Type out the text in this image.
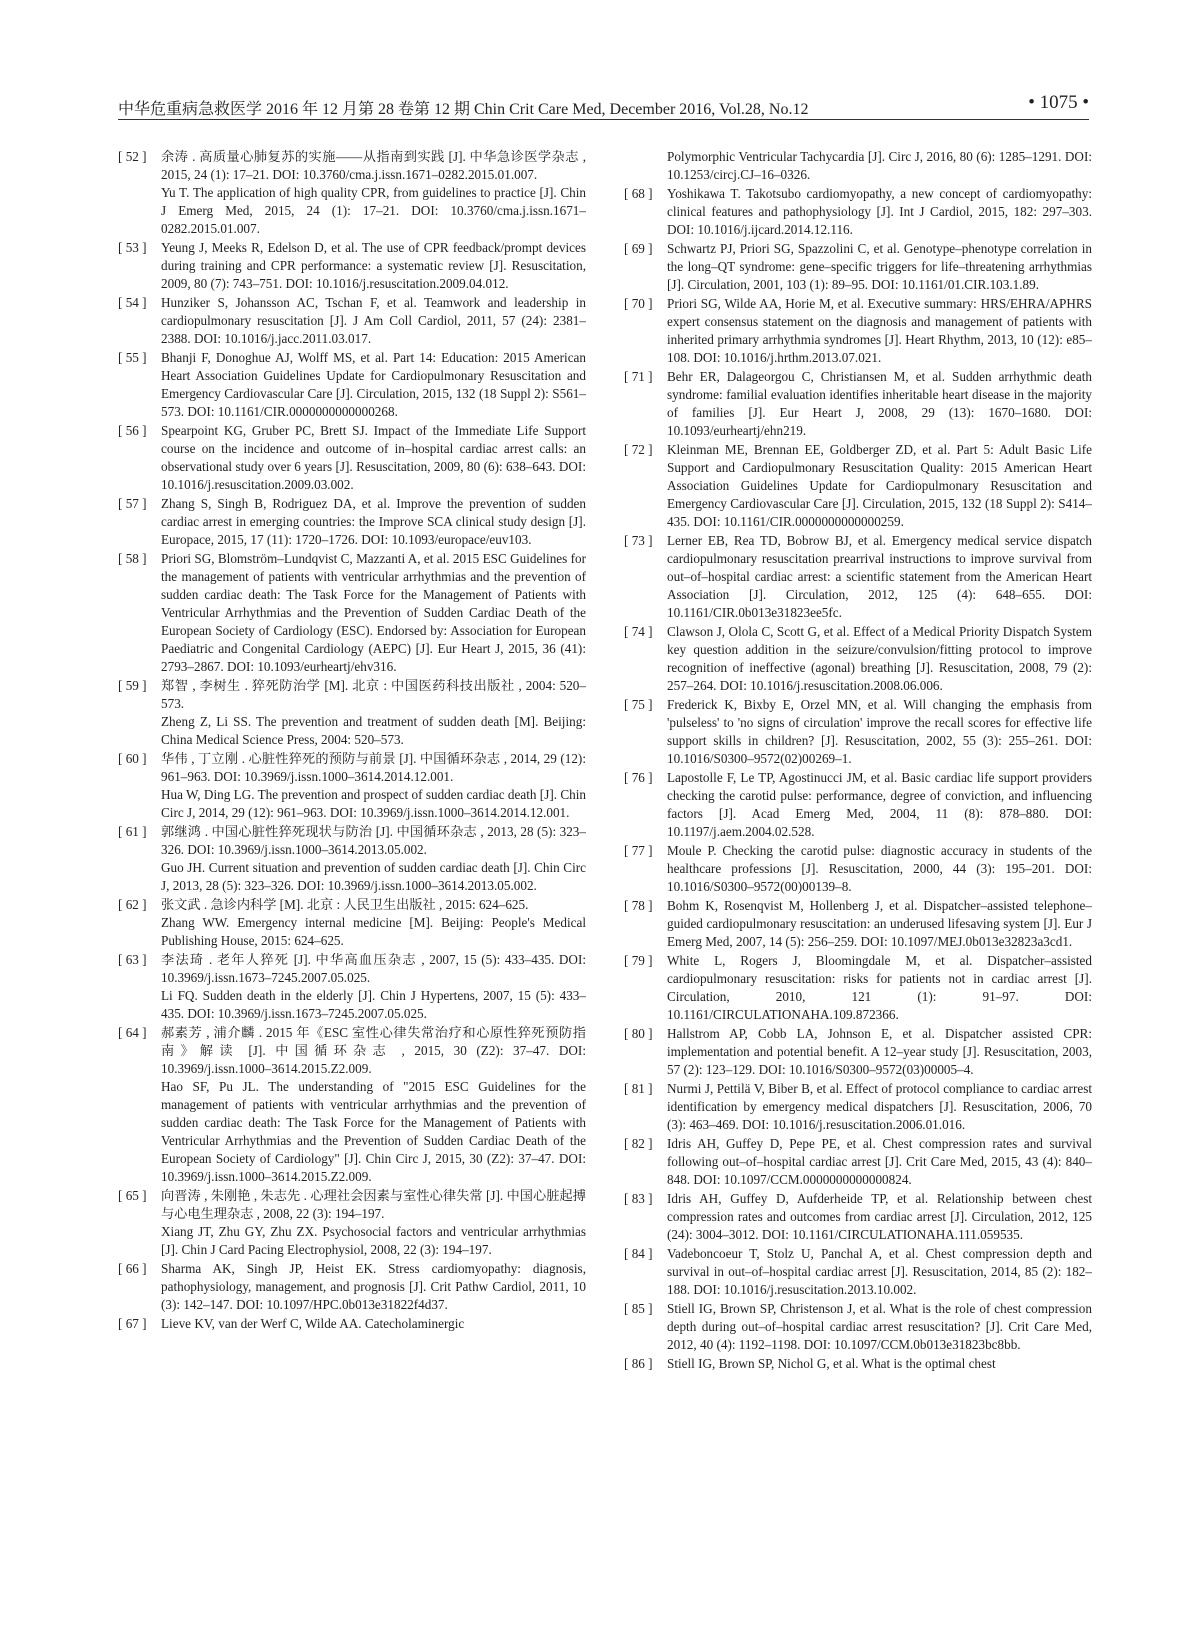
中华危重病急救医学 2016 年 12 月第 28 卷第 12 期 Chin Crit Care Med, December 2016, Vol.28, No.12	• 1075 •
[ 52 ]	余涛 . 高质量心肺复苏的实施——从指南到实践 [J]. 中华急诊医学杂志 , 2015, 24 (1): 17–21. DOI: 10.3760/cma.j.issn.1671–0282.2015.01.007.
Yu T. The application of high quality CPR, from guidelines to practice [J]. Chin J Emerg Med, 2015, 24 (1): 17–21. DOI: 10.3760/cma.j.issn.1671–0282.2015.01.007.
[ 53 ]	Yeung J, Meeks R, Edelson D, et al. The use of CPR feedback/prompt devices during training and CPR performance: a systematic review [J]. Resuscitation, 2009, 80 (7): 743–751. DOI: 10.1016/j.resuscitation.2009.04.012.
[ 54 ]	Hunziker S, Johansson AC, Tschan F, et al. Teamwork and leadership in cardiopulmonary resuscitation [J]. J Am Coll Cardiol, 2011, 57 (24): 2381–2388. DOI: 10.1016/j.jacc.2011.03.017.
[ 55 ]	Bhanji F, Donoghue AJ, Wolff MS, et al. Part 14: Education: 2015 American Heart Association Guidelines Update for Cardiopulmonary Resuscitation and Emergency Cardiovascular Care [J]. Circulation, 2015, 132 (18 Suppl 2): S561–573. DOI: 10.1161/CIR.0000000000000268.
[ 56 ]	Spearpoint KG, Gruber PC, Brett SJ. Impact of the Immediate Life Support course on the incidence and outcome of in–hospital cardiac arrest calls: an observational study over 6 years [J]. Resuscitation, 2009, 80 (6): 638–643. DOI: 10.1016/j.resuscitation.2009.03.002.
[ 57 ]	Zhang S, Singh B, Rodriguez DA, et al. Improve the prevention of sudden cardiac arrest in emerging countries: the Improve SCA clinical study design [J]. Europace, 2015, 17 (11): 1720–1726. DOI: 10.1093/europace/euv103.
[ 58 ]	Priori SG, Blomström–Lundqvist C, Mazzanti A, et al. 2015 ESC Guidelines for the management of patients with ventricular arrhythmias and the prevention of sudden cardiac death: The Task Force for the Management of Patients with Ventricular Arrhythmias and the Prevention of Sudden Cardiac Death of the European Society of Cardiology (ESC). Endorsed by: Association for European Paediatric and Congenital Cardiology (AEPC) [J]. Eur Heart J, 2015, 36 (41): 2793–2867. DOI: 10.1093/eurheartj/ehv316.
[ 59 ]	郑智 , 李树生 . 猝死防治学 [M]. 北京 : 中国医药科技出版社 , 2004: 520–573.
Zheng Z, Li SS. The prevention and treatment of sudden death [M]. Beijing: China Medical Science Press, 2004: 520–573.
[ 60 ]	华伟 , 丁立刚 . 心脏性猝死的预防与前景 [J]. 中国循环杂志 , 2014, 29 (12): 961–963. DOI: 10.3969/j.issn.1000–3614.2014.12.001.
Hua W, Ding LG. The prevention and prospect of sudden cardiac death [J]. Chin Circ J, 2014, 29 (12): 961–963. DOI: 10.3969/j.issn.1000–3614.2014.12.001.
[ 61 ]	郭继鸿 . 中国心脏性猝死现状与防治 [J]. 中国循环杂志 , 2013, 28 (5): 323–326. DOI: 10.3969/j.issn.1000–3614.2013.05.002.
Guo JH. Current situation and prevention of sudden cardiac death [J]. Chin Circ J, 2013, 28 (5): 323–326. DOI: 10.3969/j.issn.1000–3614.2013.05.002.
[ 62 ]	张文武 . 急诊内科学 [M]. 北京 : 人民卫生出版社 , 2015: 624–625.
Zhang WW. Emergency internal medicine [M]. Beijing: People's Medical Publishing House, 2015: 624–625.
[ 63 ]	李法琦 . 老年人猝死 [J]. 中华高血压杂志 , 2007, 15 (5): 433–435. DOI: 10.3969/j.issn.1673–7245.2007.05.025.
Li FQ. Sudden death in the elderly [J]. Chin J Hypertens, 2007, 15 (5): 433–435. DOI: 10.3969/j.issn.1673–7245.2007.05.025.
[ 64 ]	郝素芳 , 浦介麟 . 2015 年《ESC 室性心律失常治疗和心原性猝死预防指南》解读 [J]. 中国循环杂志 , 2015, 30 (Z2): 37–47. DOI: 10.3969/j.issn.1000–3614.2015.Z2.009.
Hao SF, Pu JL. The understanding of "2015 ESC Guidelines for the management of patients with ventricular arrhythmias and the prevention of sudden cardiac death: The Task Force for the Management of Patients with Ventricular Arrhythmias and the Prevention of Sudden Cardiac Death of the European Society of Cardiology" [J]. Chin Circ J, 2015, 30 (Z2): 37–47. DOI: 10.3969/j.issn.1000–3614.2015.Z2.009.
[ 65 ]	向晋涛 , 朱刚艳 , 朱志先 . 心理社会因素与室性心律失常 [J]. 中国心脏起搏与心电生理杂志 , 2008, 22 (3): 194–197.
Xiang JT, Zhu GY, Zhu ZX. Psychosocial factors and ventricular arrhythmias [J]. Chin J Card Pacing Electrophysiol, 2008, 22 (3): 194–197.
[ 66 ]	Sharma AK, Singh JP, Heist EK. Stress cardiomyopathy: diagnosis, pathophysiology, management, and prognosis [J]. Crit Pathw Cardiol, 2011, 10 (3): 142–147. DOI: 10.1097/HPC.0b013e31822f4d37.
[ 67 ]	Lieve KV, van der Werf C, Wilde AA. Catecholaminergic
Polymorphic Ventricular Tachycardia [J]. Circ J, 2016, 80 (6): 1285–1291. DOI: 10.1253/circj.CJ–16–0326.
[ 68 ]	Yoshikawa T. Takotsubo cardiomyopathy, a new concept of cardiomyopathy: clinical features and pathophysiology [J]. Int J Cardiol, 2015, 182: 297–303. DOI: 10.1016/j.ijcard.2014.12.116.
[ 69 ]	Schwartz PJ, Priori SG, Spazzolini C, et al. Genotype–phenotype correlation in the long–QT syndrome: gene–specific triggers for life–threatening arrhythmias [J]. Circulation, 2001, 103 (1): 89–95. DOI: 10.1161/01.CIR.103.1.89.
[ 70 ]	Priori SG, Wilde AA, Horie M, et al. Executive summary: HRS/EHRA/APHRS expert consensus statement on the diagnosis and management of patients with inherited primary arrhythmia syndromes [J]. Heart Rhythm, 2013, 10 (12): e85–108. DOI: 10.1016/j.hrthm.2013.07.021.
[ 71 ]	Behr ER, Dalageorgou C, Christiansen M, et al. Sudden arrhythmic death syndrome: familial evaluation identifies inheritable heart disease in the majority of families [J]. Eur Heart J, 2008, 29 (13): 1670–1680. DOI: 10.1093/eurheartj/ehn219.
[ 72 ]	Kleinman ME, Brennan EE, Goldberger ZD, et al. Part 5: Adult Basic Life Support and Cardiopulmonary Resuscitation Quality: 2015 American Heart Association Guidelines Update for Cardiopulmonary Resuscitation and Emergency Cardiovascular Care [J]. Circulation, 2015, 132 (18 Suppl 2): S414–435. DOI: 10.1161/CIR.0000000000000259.
[ 73 ]	Lerner EB, Rea TD, Bobrow BJ, et al. Emergency medical service dispatch cardiopulmonary resuscitation prearrival instructions to improve survival from out–of–hospital cardiac arrest: a scientific statement from the American Heart Association [J]. Circulation, 2012, 125 (4): 648–655. DOI: 10.1161/CIR.0b013e31823ee5fc.
[ 74 ]	Clawson J, Olola C, Scott G, et al. Effect of a Medical Priority Dispatch System key question addition in the seizure/convulsion/fitting protocol to improve recognition of ineffective (agonal) breathing [J]. Resuscitation, 2008, 79 (2): 257–264. DOI: 10.1016/j.resuscitation.2008.06.006.
[ 75 ]	Frederick K, Bixby E, Orzel MN, et al. Will changing the emphasis from 'pulseless' to 'no signs of circulation' improve the recall scores for effective life support skills in children? [J]. Resuscitation, 2002, 55 (3): 255–261. DOI: 10.1016/S0300–9572(02)00269–1.
[ 76 ]	Lapostolle F, Le TP, Agostinucci JM, et al. Basic cardiac life support providers checking the carotid pulse: performance, degree of conviction, and influencing factors [J]. Acad Emerg Med, 2004, 11 (8): 878–880. DOI: 10.1197/j.aem.2004.02.528.
[ 77 ]	Moule P. Checking the carotid pulse: diagnostic accuracy in students of the healthcare professions [J]. Resuscitation, 2000, 44 (3): 195–201. DOI: 10.1016/S0300–9572(00)00139–8.
[ 78 ]	Bohm K, Rosenqvist M, Hollenberg J, et al. Dispatcher–assisted telephone–guided cardiopulmonary resuscitation: an underused lifesaving system [J]. Eur J Emerg Med, 2007, 14 (5): 256–259. DOI: 10.1097/MEJ.0b013e32823a3cd1.
[ 79 ]	White L, Rogers J, Bloomingdale M, et al. Dispatcher–assisted cardiopulmonary resuscitation: risks for patients not in cardiac arrest [J]. Circulation, 2010, 121 (1): 91–97. DOI: 10.1161/CIRCULATIONAHA.109.872366.
[ 80 ]	Hallstrom AP, Cobb LA, Johnson E, et al. Dispatcher assisted CPR: implementation and potential benefit. A 12–year study [J]. Resuscitation, 2003, 57 (2): 123–129. DOI: 10.1016/S0300–9572(03)00005–4.
[ 81 ]	Nurmi J, Pettilä V, Biber B, et al. Effect of protocol compliance to cardiac arrest identification by emergency medical dispatchers [J]. Resuscitation, 2006, 70 (3): 463–469. DOI: 10.1016/j.resuscitation.2006.01.016.
[ 82 ]	Idris AH, Guffey D, Pepe PE, et al. Chest compression rates and survival following out–of–hospital cardiac arrest [J]. Crit Care Med, 2015, 43 (4): 840–848. DOI: 10.1097/CCM.0000000000000824.
[ 83 ]	Idris AH, Guffey D, Aufderheide TP, et al. Relationship between chest compression rates and outcomes from cardiac arrest [J]. Circulation, 2012, 125 (24): 3004–3012. DOI: 10.1161/CIRCULATIONAHA.111.059535.
[ 84 ]	Vadeboncoeur T, Stolz U, Panchal A, et al. Chest compression depth and survival in out–of–hospital cardiac arrest [J]. Resuscitation, 2014, 85 (2): 182–188. DOI: 10.1016/j.resuscitation.2013.10.002.
[ 85 ]	Stiell IG, Brown SP, Christenson J, et al. What is the role of chest compression depth during out–of–hospital cardiac arrest resuscitation? [J]. Crit Care Med, 2012, 40 (4): 1192–1198. DOI: 10.1097/CCM.0b013e31823bc8bb.
[ 86 ]	Stiell IG, Brown SP, Nichol G, et al. What is the optimal chest
